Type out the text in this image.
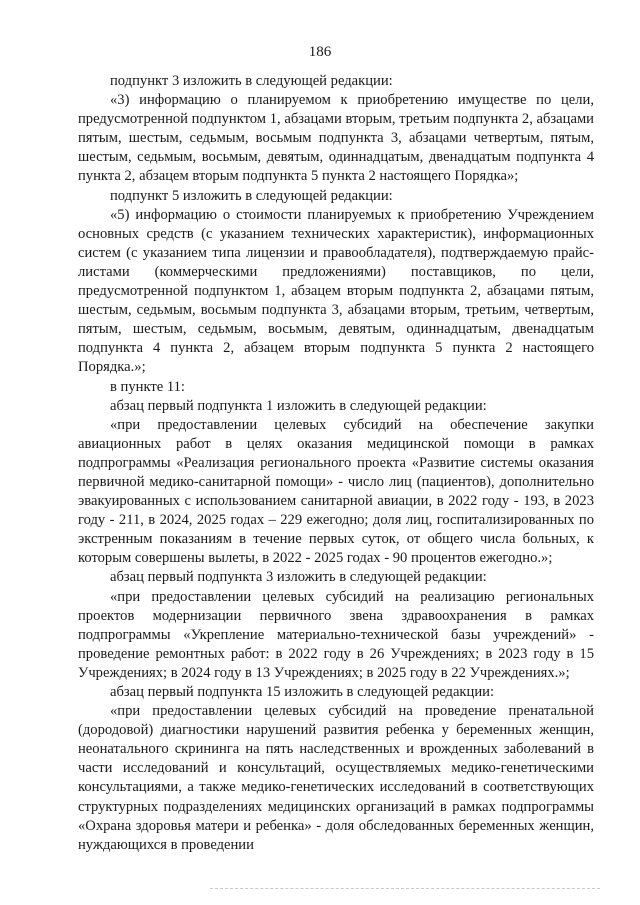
186

подпункт 3 изложить в следующей редакции:

«3) информацию о планируемом к приобретению имуществе по цели, предусмотренной подпунктом 1, абзацами вторым, третьим подпункта 2, абзацами пятым, шестым, седьмым, восьмым подпункта 3, абзацами четвертым, пятым, шестым, седьмым, восьмым, девятым, одиннадцатым, двенадцатым подпункта 4 пункта 2, абзацем вторым подпункта 5 пункта 2 настоящего Порядка»;

подпункт 5 изложить в следующей редакции:

«5) информацию о стоимости планируемых к приобретению Учреждением основных средств (с указанием технических характеристик), информационных систем (с указанием типа лицензии и правообладателя), подтверждаемую прайс-листами (коммерческими предложениями) поставщиков, по цели, предусмотренной подпунктом 1, абзацем вторым подпункта 2, абзацами пятым, шестым, седьмым, восьмым подпункта 3, абзацами вторым, третьим, четвертым, пятым, шестым, седьмым, восьмым, девятым, одиннадцатым, двенадцатым подпункта 4 пункта 2, абзацем вторым подпункта 5 пункта 2 настоящего Порядка.»;

в пункте 11:

абзац первый подпункта 1 изложить в следующей редакции:

«при предоставлении целевых субсидий на обеспечение закупки авиационных работ в целях оказания медицинской помощи в рамках подпрограммы «Реализация регионального проекта «Развитие системы оказания первичной медико-санитарной помощи» - число лиц (пациентов), дополнительно эвакуированных с использованием санитарной авиации, в 2022 году - 193, в 2023 году - 211, в 2024, 2025 годах – 229 ежегодно; доля лиц, госпитализированных по экстренным показаниям в течение первых суток, от общего числа больных, к которым совершены вылеты, в 2022 - 2025 годах - 90 процентов ежегодно.»;

абзац первый подпункта 3 изложить в следующей редакции:

«при предоставлении целевых субсидий на реализацию региональных проектов модернизации первичного звена здравоохранения в рамках подпрограммы «Укрепление материально-технической базы учреждений» - проведение ремонтных работ: в 2022 году в 26 Учреждениях; в 2023 году в 15 Учреждениях; в 2024 году в 13 Учреждениях; в 2025 году в 22 Учреждениях.»;

абзац первый подпункта 15 изложить в следующей редакции:

«при предоставлении целевых субсидий на проведение пренатальной (дородовой) диагностики нарушений развития ребенка у беременных женщин, неонатального скрининга на пять наследственных и врожденных заболеваний в части исследований и консультаций, осуществляемых медико-генетическими консультациями, а также медико-генетических исследований в соответствующих структурных подразделениях медицинских организаций в рамках подпрограммы «Охрана здоровья матери и ребенка» - доля обследованных беременных женщин, нуждающихся в проведении
